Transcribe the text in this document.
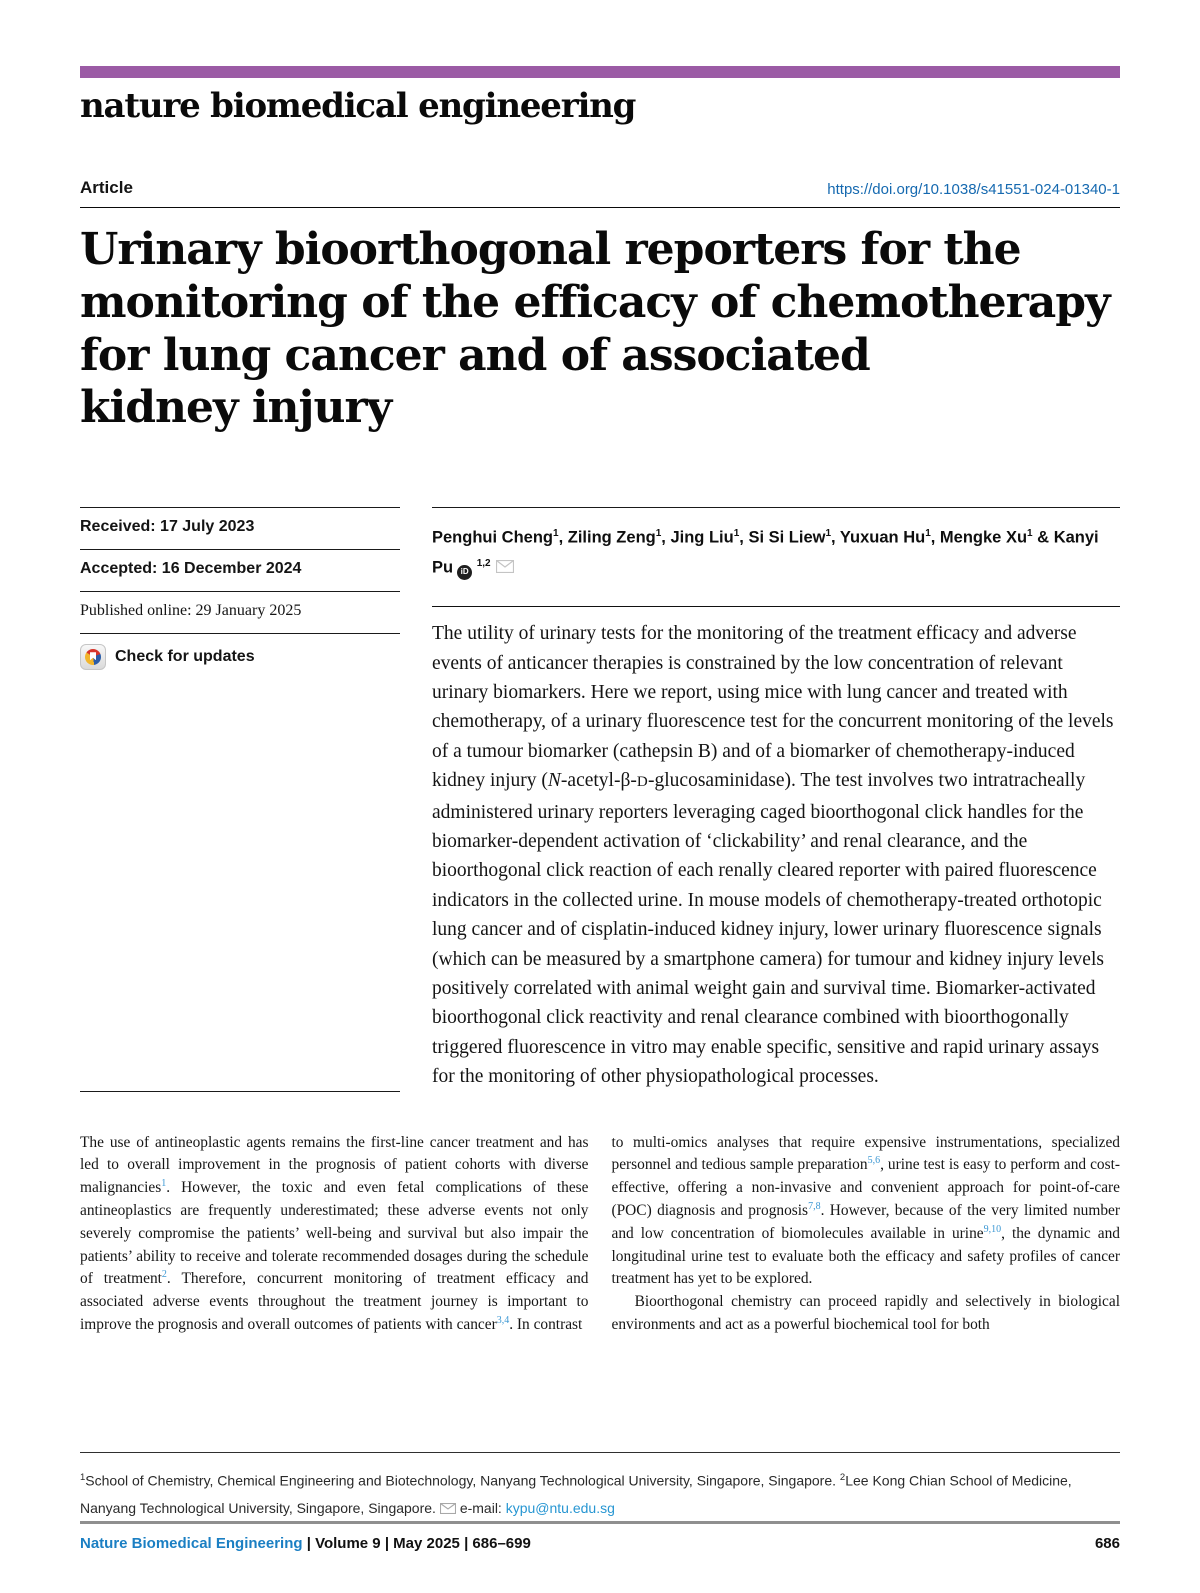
nature biomedical engineering
Article	https://doi.org/10.1038/s41551-024-01340-1
Urinary bioorthogonal reporters for the
monitoring of the efficacy of chemotherapy
for lung cancer and of associated
kidney injury
Received: 17 July 2023
Accepted: 16 December 2024
Published online: 29 January 2025
Check for updates
Penghui Cheng$^1$, Ziling Zeng$^1$, Jing Liu$^1$, Si Si Liew$^1$, Yuxuan Hu$^1$, Mengke Xu$^1$ & Kanyi Pu iD $^{1,2}$
The utility of urinary tests for the monitoring of the treatment efficacy and adverse events of anticancer therapies is constrained by the low concentration of relevant urinary biomarkers. Here we report, using mice with lung cancer and treated with chemotherapy, of a urinary fluorescence test for the concurrent monitoring of the levels of a tumour biomarker (cathepsin B) and of a biomarker of chemotherapy-induced kidney injury (N-acetyl-β-D-glucosaminidase). The test involves two intratracheally administered urinary reporters leveraging caged bioorthogonal click handles for the biomarker-dependent activation of ‘clickability’ and renal clearance, and the bioorthogonal click reaction of each renally cleared reporter with paired fluorescence indicators in the collected urine. In mouse models of chemotherapy-treated orthotopic lung cancer and of cisplatin-induced kidney injury, lower urinary fluorescence signals (which can be measured by a smartphone camera) for tumour and kidney injury levels positively correlated with animal weight gain and survival time. Biomarker-activated bioorthogonal click reactivity and renal clearance combined with bioorthogonally triggered fluorescence in vitro may enable specific, sensitive and rapid urinary assays for the monitoring of other physiopathological processes.

The use of antineoplastic agents remains the first-line cancer treatment and has led to overall improvement in the prognosis of patient cohorts with diverse malignancies$^1$. However, the toxic and even fetal complications of these antineoplastics are frequently underestimated; these adverse events not only severely compromise the patients’ well-being and survival but also impair the patients’ ability to receive and tolerate recommended dosages during the schedule of treatment$^2$. Therefore, concurrent monitoring of treatment efficacy and associated adverse events throughout the treatment journey is important to improve the prognosis and overall outcomes of patients with cancer$^{3,4}$. In contrast

to multi-omics analyses that require expensive instrumentations, specialized personnel and tedious sample preparation$^{5,6}$, urine test is easy to perform and cost-effective, offering a non-invasive and convenient approach for point-of-care (POC) diagnosis and prognosis$^{7,8}$. However, because of the very limited number and low concentration of biomolecules available in urine$^{9,10}$, the dynamic and longitudinal urine test to evaluate both the efficacy and safety profiles of cancer treatment has yet to be explored.

Bioorthogonal chemistry can proceed rapidly and selectively in biological environments and act as a powerful biochemical tool for both

$^1$School of Chemistry, Chemical Engineering and Biotechnology, Nanyang Technological University, Singapore, Singapore. $^2$Lee Kong Chian School of Medicine, Nanyang Technological University, Singapore, Singapore. e-mail: kypu@ntu.edu.sg
Nature Biomedical Engineering | Volume 9 | May 2025 | 686–699	686
